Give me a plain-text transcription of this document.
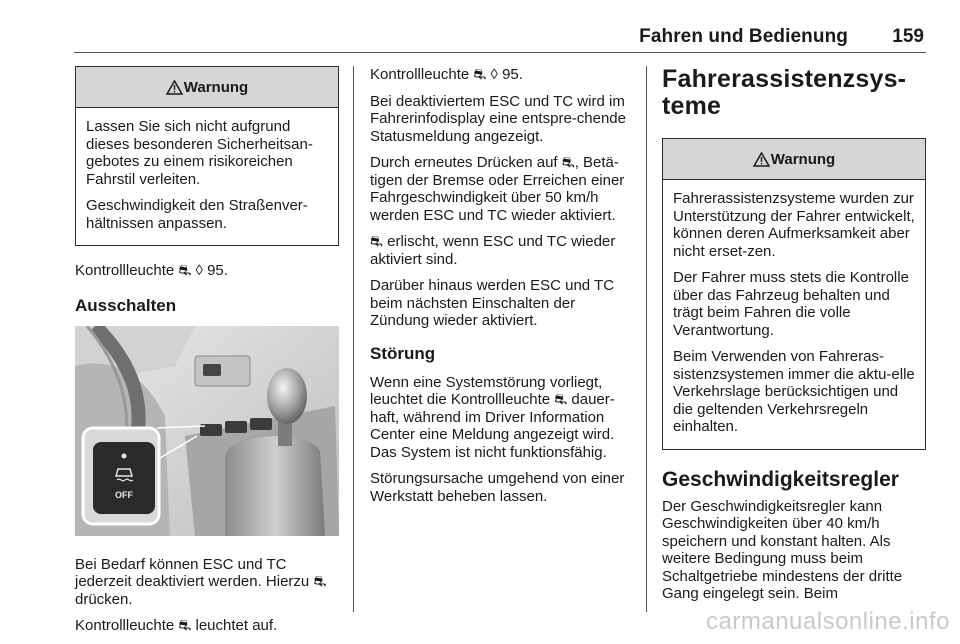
Fahren und Bedienung 159
Warnung

Lassen Sie sich nicht aufgrund dieses besonderen Sicherheitsan-gebotes zu einem risikoreichen Fahrstil verleiten.

Geschwindigkeit den Straßenver-hältnissen anpassen.

Kontrollleuchte ⛐ ◊ 95.

Ausschalten
OFF

Bei Bedarf können ESC und TC jederzeit deaktiviert werden. Hierzu ⛐ drücken.

Kontrollleuchte ⛐ leuchtet auf.

Kontrollleuchte ⛐ ◊ 95.

Bei deaktiviertem ESC und TC wird im Fahrerinfodisplay eine entspre-chende Statusmeldung angezeigt.

Durch erneutes Drücken auf ⛐, Betä-tigen der Bremse oder Erreichen einer Fahrgeschwindigkeit über 50 km/h werden ESC und TC wieder aktiviert.

⛐ erlischt, wenn ESC und TC wieder aktiviert sind.

Darüber hinaus werden ESC und TC beim nächsten Einschalten der Zündung wieder aktiviert.

Störung

Wenn eine Systemstörung vorliegt, leuchtet die Kontrollleuchte ⛐ dauer-haft, während im Driver Information Center eine Meldung angezeigt wird. Das System ist nicht funktionsfähig.

Störungsursache umgehend von einer Werkstatt beheben lassen.

Fahrerassistenzsys-teme
Warnung

Fahrerassistenzsysteme wurden zur Unterstützung der Fahrer entwickelt, können deren Aufmerksamkeit aber nicht erset-zen.

Der Fahrer muss stets die Kontrolle über das Fahrzeug behalten und trägt beim Fahren die volle Verantwortung.

Beim Verwenden von Fahreras-sistenzsystemen immer die aktu-elle Verkehrslage berücksichtigen und die geltenden Verkehrsregeln einhalten.

Geschwindigkeitsregler

Der Geschwindigkeitsregler kann Geschwindigkeiten über 40 km/h speichern und konstant halten. Als weitere Bedingung muss beim Schaltgetriebe mindestens der dritte Gang eingelegt sein. Beim

carmanualsonline.info
